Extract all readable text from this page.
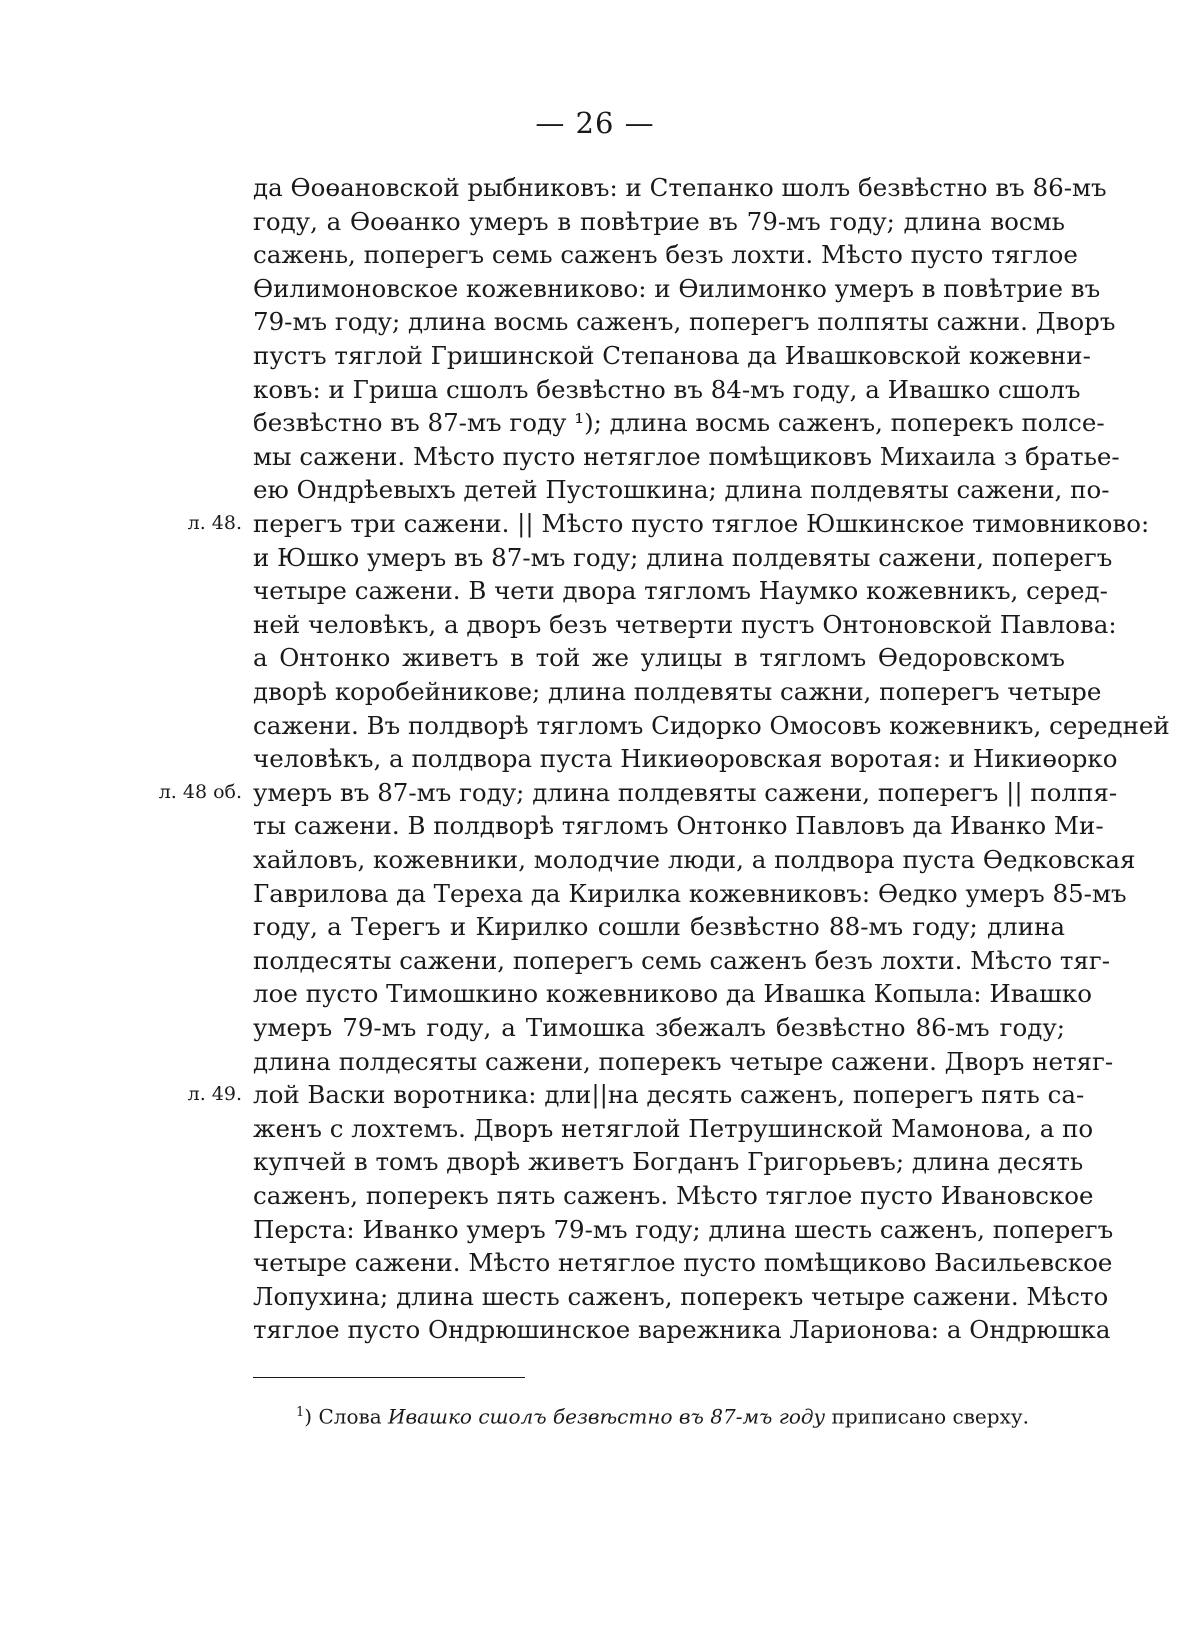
— 26 —
да Өоөановской рыбниковъ: и Степанко шолъ безвѣстно въ 86-мъ
году, а Өоөанко умеръ в повѣтрие въ 79-мъ году; длина восмь
сажень, поперегъ семь саженъ безъ лохти. Мѣсто пусто тяглое
Өилимоновское кожевниково: и Өилимонко умеръ в повѣтрие въ
79-мъ году; длина восмь саженъ, поперегъ полпяты сажни. Дворъ
пустъ тяглой Гришинской Степанова да Ивашковской кожевни-
ковъ: и Гриша сшолъ безвѣстно въ 84-мъ году, а Ивашко сшолъ
безвѣстно въ 87-мъ году ¹); длина восмь саженъ, поперекъ полсе-
мы сажени. Мѣсто пусто нетяглое помѣщиковъ Михаила з братье-
ею Ондрѣевыхъ детей Пустошкина; длина полдевяты сажени, по-
перегъ три сажени. || Мѣсто пусто тяглое Юшкинское тимовниково:
и Юшко умеръ въ 87-мъ году; длина полдевяты сажени, поперегъ
четыре сажени. В чети двора тягломъ Наумко кожевникъ, серед-
ней человѣкъ, а дворъ безъ четверти пустъ Онтоновской Павлова:
а Онтонко живетъ в той же улицы в тягломъ Өедоровскомъ
дворѣ коробейникове; длина полдевяты сажни, поперегъ четыре
сажени. Въ полдворѣ тягломъ Сидорко Омосовъ кожевникъ, середней
человѣкъ, а полдвора пуста Никиөоровская воротая: и Никиөорко
умеръ въ 87-мъ году; длина полдевяты сажени, поперегъ || полпя-
ты сажени. В полдворѣ тягломъ Онтонко Павловъ да Иванко Ми-
хайловъ, кожевники, молодчие люди, а полдвора пуста Өедковская
Гаврилова да Тереха да Кирилка кожевниковъ: Өедко умеръ 85-мъ
году, а Терегъ и Кирилко сошли безвѣстно 88-мъ году; длина
полдесяты сажени, поперегъ семь саженъ безъ лохти. Мѣсто тяг-
лое пусто Тимошкино кожевниково да Ивашка Копыла: Ивашко
умеръ 79-мъ году, а Тимошка збежалъ безвѣстно 86-мъ году;
длина полдесяты сажени, поперекъ четыре сажени. Дворъ нетяг-
лой Васки воротника: дли||на десять саженъ, поперегъ пять са-
женъ с лохтемъ. Дворъ нетяглой Петрушинской Мамонова, а по
купчей в томъ дворѣ живетъ Богданъ Григорьевъ; длина десять
саженъ, поперекъ пять саженъ. Мѣсто тяглое пусто Ивановское
Перста: Иванко умеръ 79-мъ году; длина шесть саженъ, поперегъ
четыре сажени. Мѣсто нетяглое пусто помѣщиково Васильевское
Лопухина; длина шесть саженъ, поперекъ четыре сажени. Мѣсто
тяглое пусто Ондрюшинское варежника Ларионова: а Ондрюшка
л. 48.
л. 48 об.
л. 49.
$^1$) Слова Ивашко сшолъ безвѣстно въ 87-мъ году приписано сверху.
